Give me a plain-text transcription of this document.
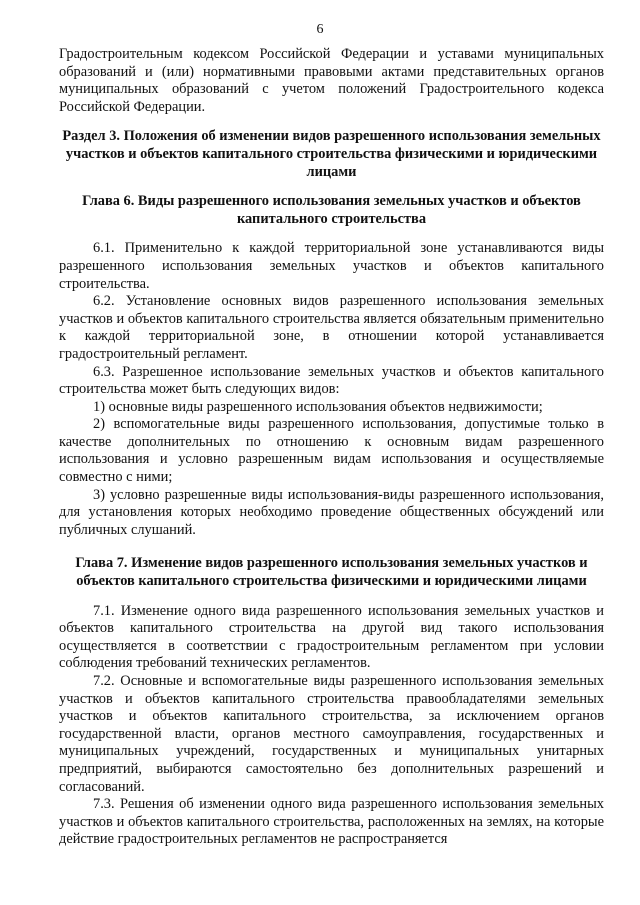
6

Градостроительным кодексом Российской Федерации и уставами муниципальных образований и (или) нормативными правовыми актами представительных органов муниципальных образований с учетом положений Градостроительного кодекса Российской Федерации.

Раздел 3. Положения об изменении видов разрешенного использования земельных участков и объектов капитального строительства физическими и юридическими лицами
Глава 6. Виды разрешенного использования земельных участков и объектов капитального строительства

6.1. Применительно к каждой территориальной зоне устанавливаются виды разрешенного использования земельных участков и объектов капитального строительства.

6.2. Установление основных видов разрешенного использования земельных участков и объектов капитального строительства является обязательным применительно к каждой территориальной зоне, в отношении которой устанавливается градостроительный регламент.

6.3. Разрешенное использование земельных участков и объектов капитального строительства может быть следующих видов:

1) основные виды разрешенного использования объектов недвижимости;

2) вспомогательные виды разрешенного использования, допустимые только в качестве дополнительных по отношению к основным видам разрешенного использования и условно разрешенным видам использования и осуществляемые совместно с ними;

3) условно разрешенные виды использования-виды разрешенного использования, для установления которых необходимо проведение общественных обсуждений или публичных слушаний.

Глава 7. Изменение видов разрешенного использования земельных участков и объектов капитального строительства физическими и юридическими лицами

7.1. Изменение одного вида разрешенного использования земельных участков и объектов капитального строительства на другой вид такого использования осуществляется в соответствии с градостроительным регламентом при условии соблюдения требований технических регламентов.

7.2. Основные и вспомогательные виды разрешенного использования земельных участков и объектов капитального строительства правообладателями земельных участков и объектов капитального строительства, за исключением органов государственной власти, органов местного самоуправления, государственных и муниципальных учреждений, государственных и муниципальных унитарных предприятий, выбираются самостоятельно без дополнительных разрешений и согласований.

7.3. Решения об изменении одного вида разрешенного использования земельных участков и объектов капитального строительства, расположенных на землях, на которые действие градостроительных регламентов не распространяется
